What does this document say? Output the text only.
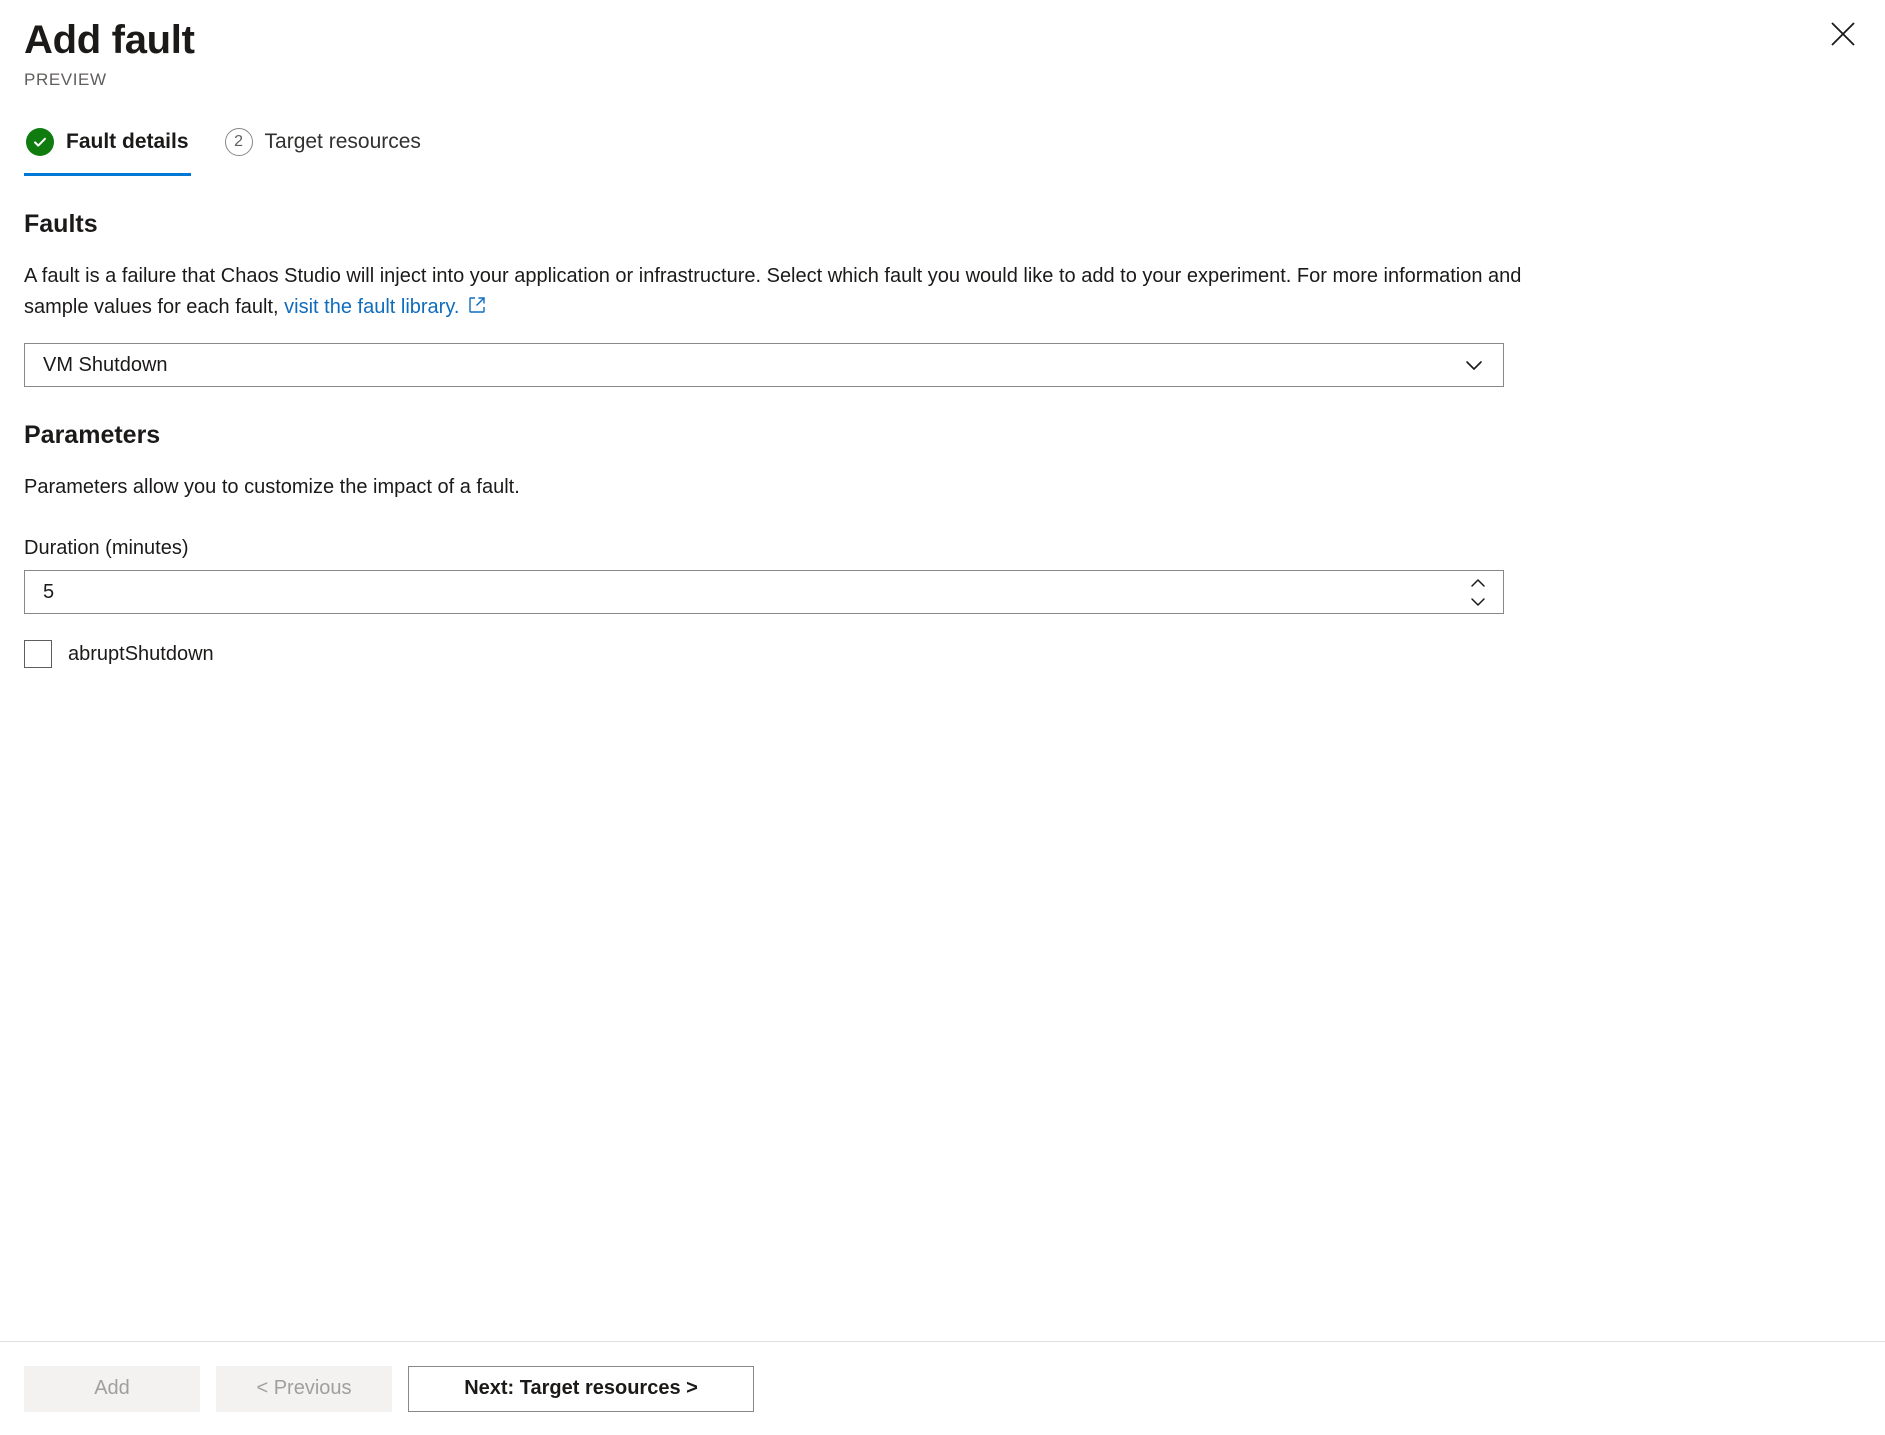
Add fault
PREVIEW
Fault details	2	Target resources
Faults

A fault is a failure that Chaos Studio will inject into your application or infrastructure. Select which fault you would like to add to your experiment. For more information and sample values for each fault, visit the fault library.

VM Shutdown
Parameters

Parameters allow you to customize the impact of a fault.

Duration (minutes)
5
abruptShutdown
Add	< Previous	Next: Target resources >
